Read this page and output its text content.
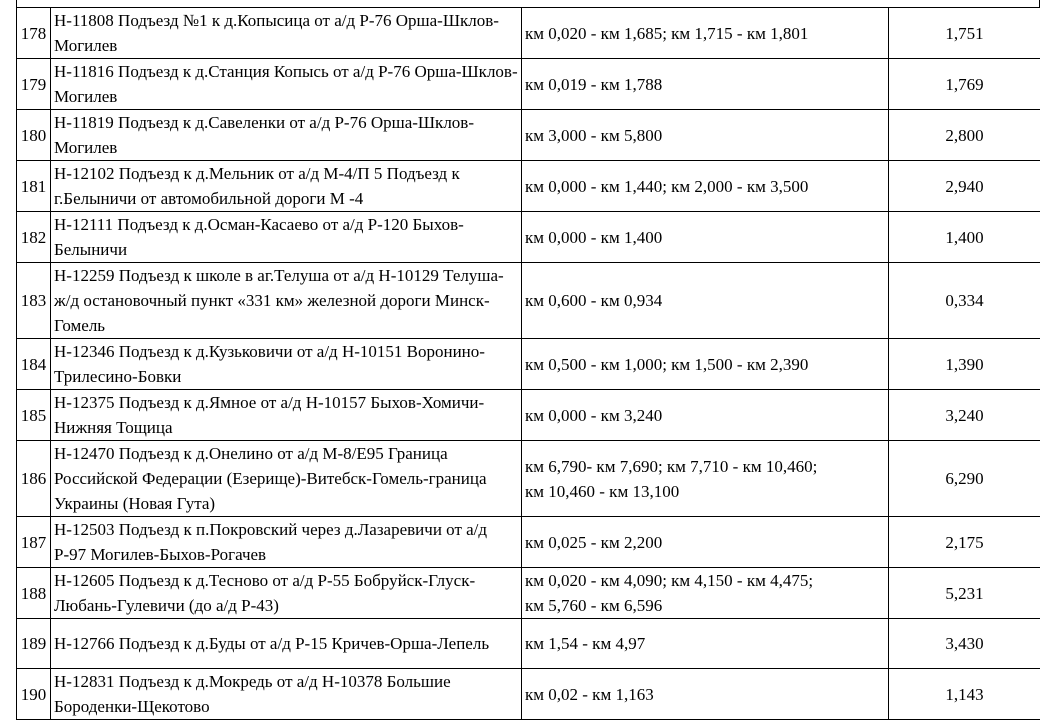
178	Н-11808 Подъезд №1 к д.Копысица от а/д Р-76 Орша-Шклов-Могилев	км 0,020 - км 1,685; км 1,715 - км 1,801	1,751
179	Н-11816 Подъезд к д.Станция Копысь от а/д Р-76 Орша-Шклов-Могилев	км 0,019 - км 1,788	1,769
180	Н-11819 Подъезд к д.Савеленки от а/д Р-76 Орша-Шклов-Могилев	км 3,000 - км 5,800	2,800
181	Н-12102 Подъезд к д.Мельник от а/д М-4/П 5 Подъезд к г.Белыничи от автомобильной дороги М -4	км 0,000 - км 1,440; км 2,000 - км 3,500	2,940
182	Н-12111 Подъезд к д.Осман-Касаево от а/д Р-120 Быхов-Белыничи	км 0,000 - км 1,400	1,400
183	Н-12259 Подъезд к школе в аг.Телуша от а/д Н-10129 Телуша-ж/д остановочный пункт «331 км» железной дороги Минск-Гомель	км 0,600 - км 0,934	0,334
184	Н-12346 Подъезд к д.Кузьковичи от а/д Н-10151 Воронино-Трилесино-Бовки	км 0,500 - км 1,000; км 1,500 - км 2,390	1,390
185	Н-12375 Подъезд к д.Ямное от а/д Н-10157 Быхов-Хомичи-Нижняя Тощица	км 0,000 - км 3,240	3,240
186	Н-12470 Подъезд к д.Онелино от а/д М-8/Е95 Граница Российской Федерации (Езерище)-Витебск-Гомель-граница Украины (Новая Гута)	км 6,790- км 7,690; км 7,710 - км 10,460;
км 10,460 - км 13,100	6,290
187	Н-12503 Подъезд к п.Покровский через д.Лазаревичи от а/д Р-97 Могилев-Быхов-Рогачев	км 0,025 - км 2,200	2,175
188	Н-12605 Подъезд к д.Тесново от а/д Р-55 Бобруйск-Глуск-Любань-Гулевичи (до а/д Р-43)	км 0,020 - км 4,090; км 4,150 - км 4,475;
км 5,760 - км 6,596	5,231
189	Н-12766 Подъезд к д.Буды от а/д Р-15 Кричев-Орша-Лепель	км 1,54 - км 4,97	3,430
190	Н-12831 Подъезд к д.Мокредь от а/д Н-10378 Большие Бороденки-Щекотово	км 0,02 - км 1,163	1,143
